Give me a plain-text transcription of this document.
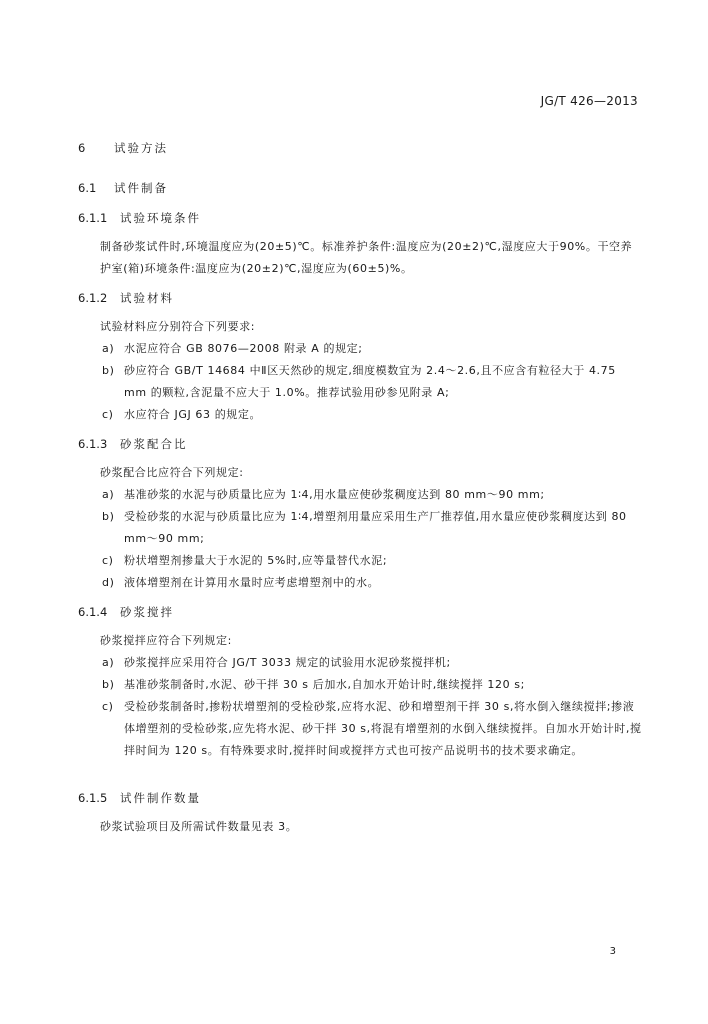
JG/T 426—2013
6 试验方法
6.1 试件制备
6.1.1 试验环境条件
制备砂浆试件时,环境温度应为(20±5)℃。标准养护条件:温度应为(20±2)℃,湿度应大于90%。干空养护室(箱)环境条件:温度应为(20±2)℃,湿度应为(60±5)%。
6.1.2 试验材料
试验材料应分别符合下列要求:
a) 水泥应符合 GB 8076—2008 附录 A 的规定;
b) 砂应符合 GB/T 14684 中Ⅱ区天然砂的规定,细度模数宜为 2.4～2.6,且不应含有粒径大于 4.75 mm 的颗粒,含泥量不应大于 1.0%。推荐试验用砂参见附录 A;
c) 水应符合 JGJ 63 的规定。
6.1.3 砂浆配合比
砂浆配合比应符合下列规定:
a) 基准砂浆的水泥与砂质量比应为 1∶4,用水量应使砂浆稠度达到 80 mm～90 mm;
b) 受检砂浆的水泥与砂质量比应为 1∶4,增塑剂用量应采用生产厂推荐值,用水量应使砂浆稠度达到 80 mm～90 mm;
c) 粉状增塑剂掺量大于水泥的 5%时,应等量替代水泥;
d) 液体增塑剂在计算用水量时应考虑增塑剂中的水。
6.1.4 砂浆搅拌
砂浆搅拌应符合下列规定:
a) 砂浆搅拌应采用符合 JG/T 3033 规定的试验用水泥砂浆搅拌机;
b) 基准砂浆制备时,水泥、砂干拌 30 s 后加水,自加水开始计时,继续搅拌 120 s;
c) 受检砂浆制备时,掺粉状增塑剂的受检砂浆,应将水泥、砂和增塑剂干拌 30 s,将水倒入继续搅拌;掺液体增塑剂的受检砂浆,应先将水泥、砂干拌 30 s,将混有增塑剂的水倒入继续搅拌。自加水开始计时,搅拌时间为 120 s。有特殊要求时,搅拌时间或搅拌方式也可按产品说明书的技术要求确定。
6.1.5 试件制作数量
砂浆试验项目及所需试件数量见表 3。
3
